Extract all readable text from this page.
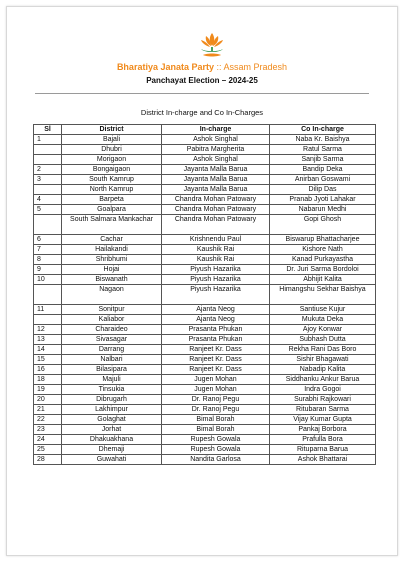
Bharatiya Janata Party :: Assam Pradesh
Panchayat Election – 2024-25
District In-charge and Co In-Charges
Sl	District	In-charge	Co In-charge
1	Bajali	Ashok Singhal	Naba Kr. Baishya
	Dhubri	Pabitra Margherita	Ratul Sarma
	Morigaon	Ashok Singhal	Sanjib Sarma
2	Bongaigaon	Jayanta Malla Barua	Bandip Deka
3	South Kamrup	Jayanta Malla Barua	Anirban Goswami
	North Kamrup	Jayanta Malla Barua	Dilip Das
4	Barpeta	Chandra Mohan Patowary	Pranab Jyoti Lahakar
5	Goalpara	Chandra Mohan Patowary	Nabarun Medhi
	South Salmara Mankachar	Chandra Mohan Patowary	Gopi Ghosh
6	Cachar	Krishnendu Paul	Biswarup Bhattacharjee
7	Hailakandi	Kaushik Rai	Kishore Nath
8	Shribhumi	Kaushik Rai	Kanad Purkayastha
9	Hojai	Piyush Hazarika	Dr. Juri Sarma Bordoloi
10	Biswanath	Piyush Hazarika	Abhijit Kalita
	Nagaon	Piyush Hazarika	Himangshu Sekhar Baishya
11	Sonitpur	Ajanta Neog	Santiuse Kujur
	Kaliabor	Ajanta Neog	Mukuta Deka
12	Charaideo	Prasanta Phukan	Ajoy Konwar
13	Sivasagar	Prasanta Phukan	Subhash Dutta
14	Darrang	Ranjeet Kr. Dass	Rekha Rani Das Boro
15	Nalbari	Ranjeet Kr. Dass	Sishir Bhagawati
16	Bilasipara	Ranjeet Kr. Dass	Nabadip Kalita
18	Majuli	Jugen Mohan	Siddhanku Ankur Barua
19	Tinsukia	Jugen Mohan	Indra Gogoi
20	Dibrugarh	Dr. Ranoj Pegu	Surabhi Rajkowari
21	Lakhimpur	Dr. Ranoj Pegu	Ritubaran Sarma
22	Golaghat	Bimal Borah	Vijay Kumar Gupta
23	Jorhat	Bimal Borah	Pankaj Borbora
24	Dhakuakhana	Rupesh Gowala	Prafulla Bora
25	Dhemaji	Rupesh Gowala	Rituparna Barua
28	Guwahati	Nandita Garlosa	Ashok Bhattarai
